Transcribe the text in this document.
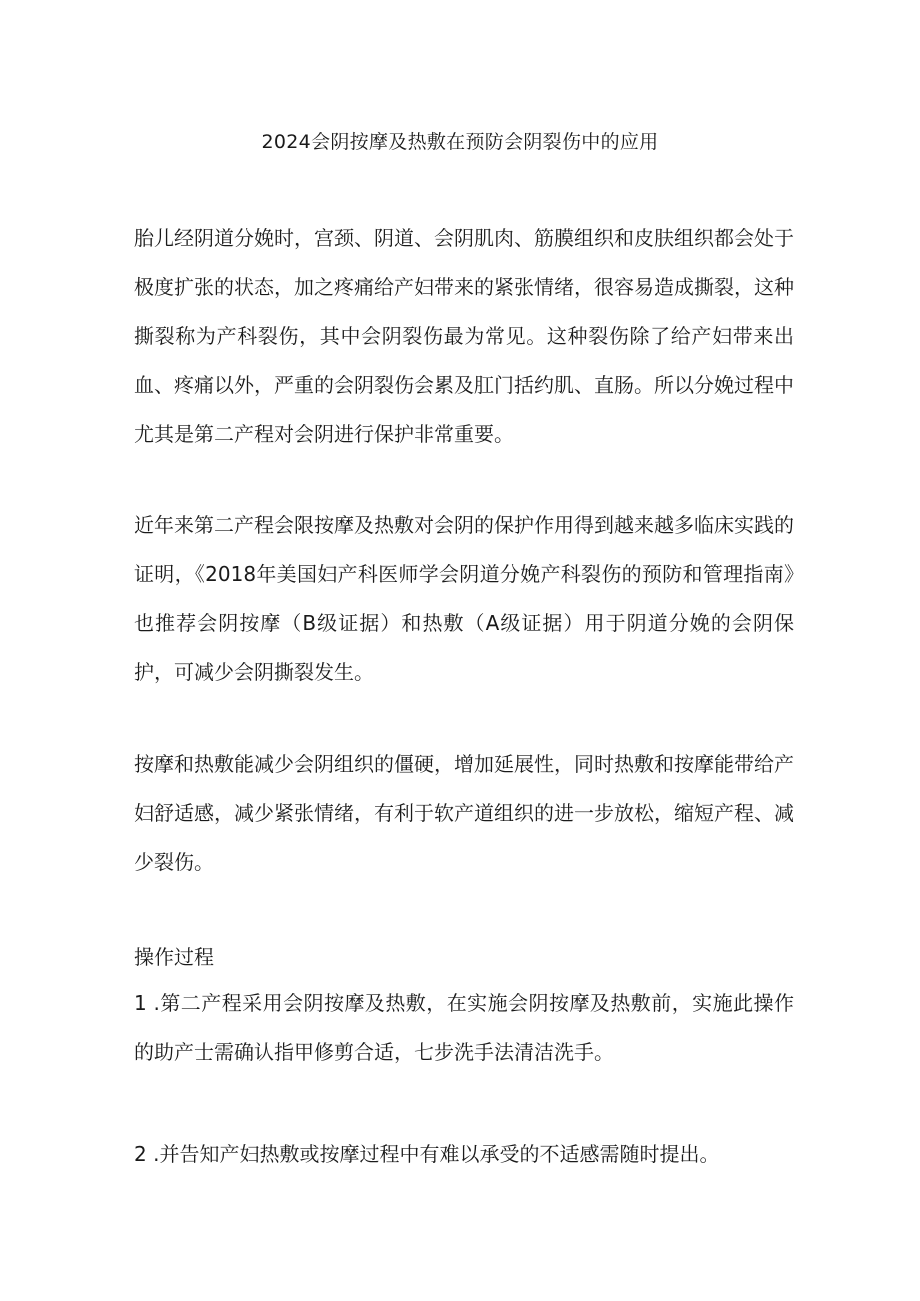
2024会阴按摩及热敷在预防会阴裂伤中的应用

胎儿经阴道分娩时，宫颈、阴道、会阴肌肉、筋膜组织和皮肤组织都会处于极度扩张的状态，加之疼痛给产妇带来的紧张情绪，很容易造成撕裂，这种撕裂称为产科裂伤，其中会阴裂伤最为常见。这种裂伤除了给产妇带来出血、疼痛以外，严重的会阴裂伤会累及肛门括约肌、直肠。所以分娩过程中尤其是第二产程对会阴进行保护非常重要。

近年来第二产程会限按摩及热敷对会阴的保护作用得到越来越多临床实践的证明，《2018年美国妇产科医师学会阴道分娩产科裂伤的预防和管理指南》也推荐会阴按摩（B级证据）和热敷（A级证据）用于阴道分娩的会阴保护，可减少会阴撕裂发生。

按摩和热敷能减少会阴组织的僵硬，增加延展性，同时热敷和按摩能带给产妇舒适感，减少紧张情绪，有利于软产道组织的进一步放松，缩短产程、减少裂伤。

操作过程

1 .第二产程采用会阴按摩及热敷，在实施会阴按摩及热敷前，实施此操作的助产士需确认指甲修剪合适，七步洗手法清洁洗手。

2 .并告知产妇热敷或按摩过程中有难以承受的不适感需随时提出。
